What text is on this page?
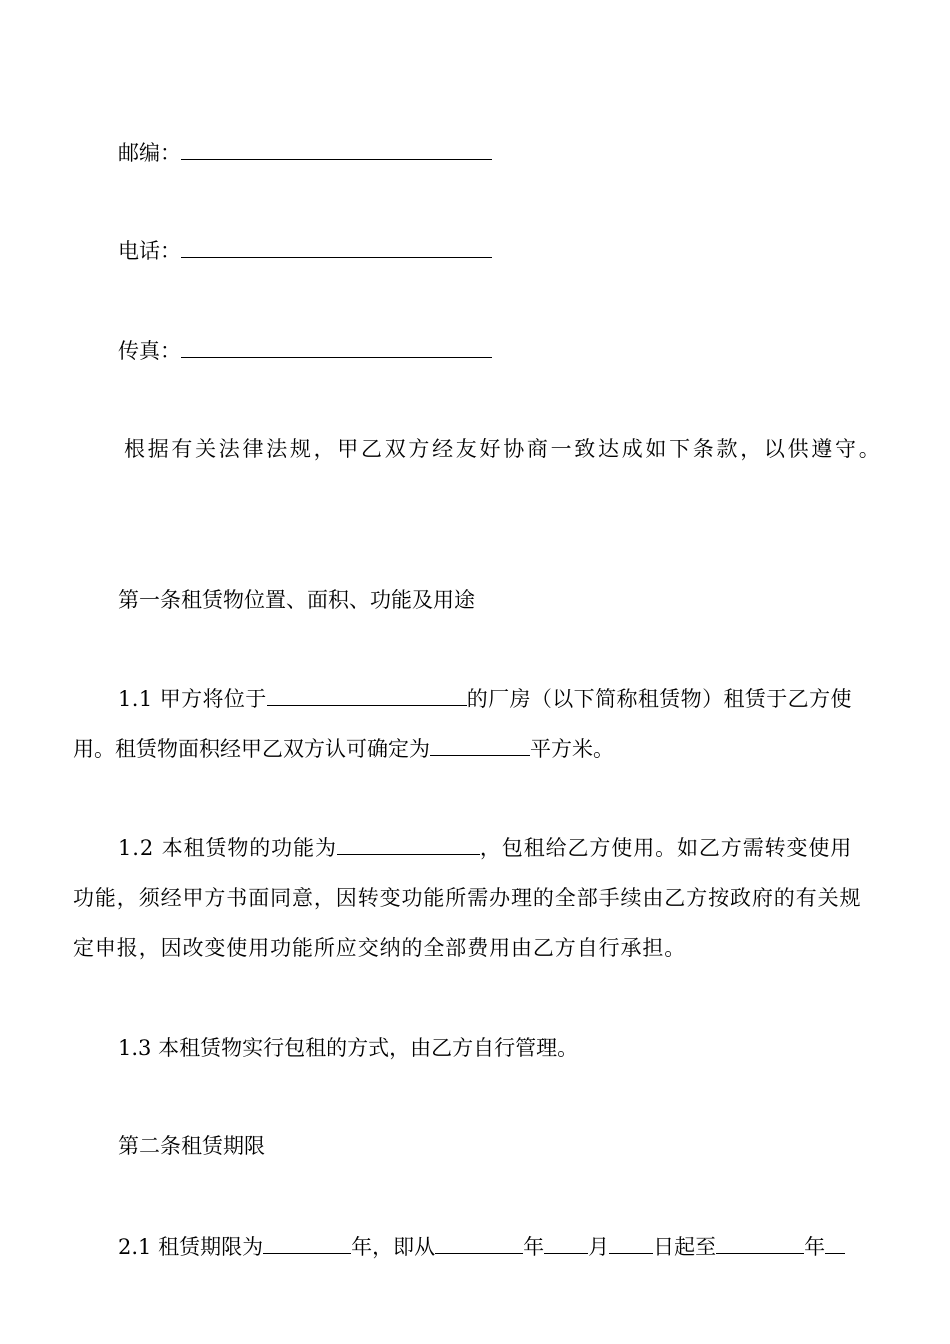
邮编：
电话：
传真：
根据有关法律法规，甲乙双方经友好协商一致达成如下条款，以供遵守。
第一条租赁物位置、面积、功能及用途
1.1 甲方将位于	的厂房（以下简称租赁物）租赁于乙方使
用。租赁物面积经甲乙双方认可确定为	平方米。
1.2 本租赁物的功能为	，包租给乙方使用。如乙方需转变使用
功能，须经甲方书面同意，因转变功能所需办理的全部手续由乙方按政府的有关规
定申报，因改变使用功能所应交纳的全部费用由乙方自行承担。
1.3 本租赁物实行包租的方式，由乙方自行管理。
第二条租赁期限
2.1 租赁期限为	年，即从	年 月 日起至	年
